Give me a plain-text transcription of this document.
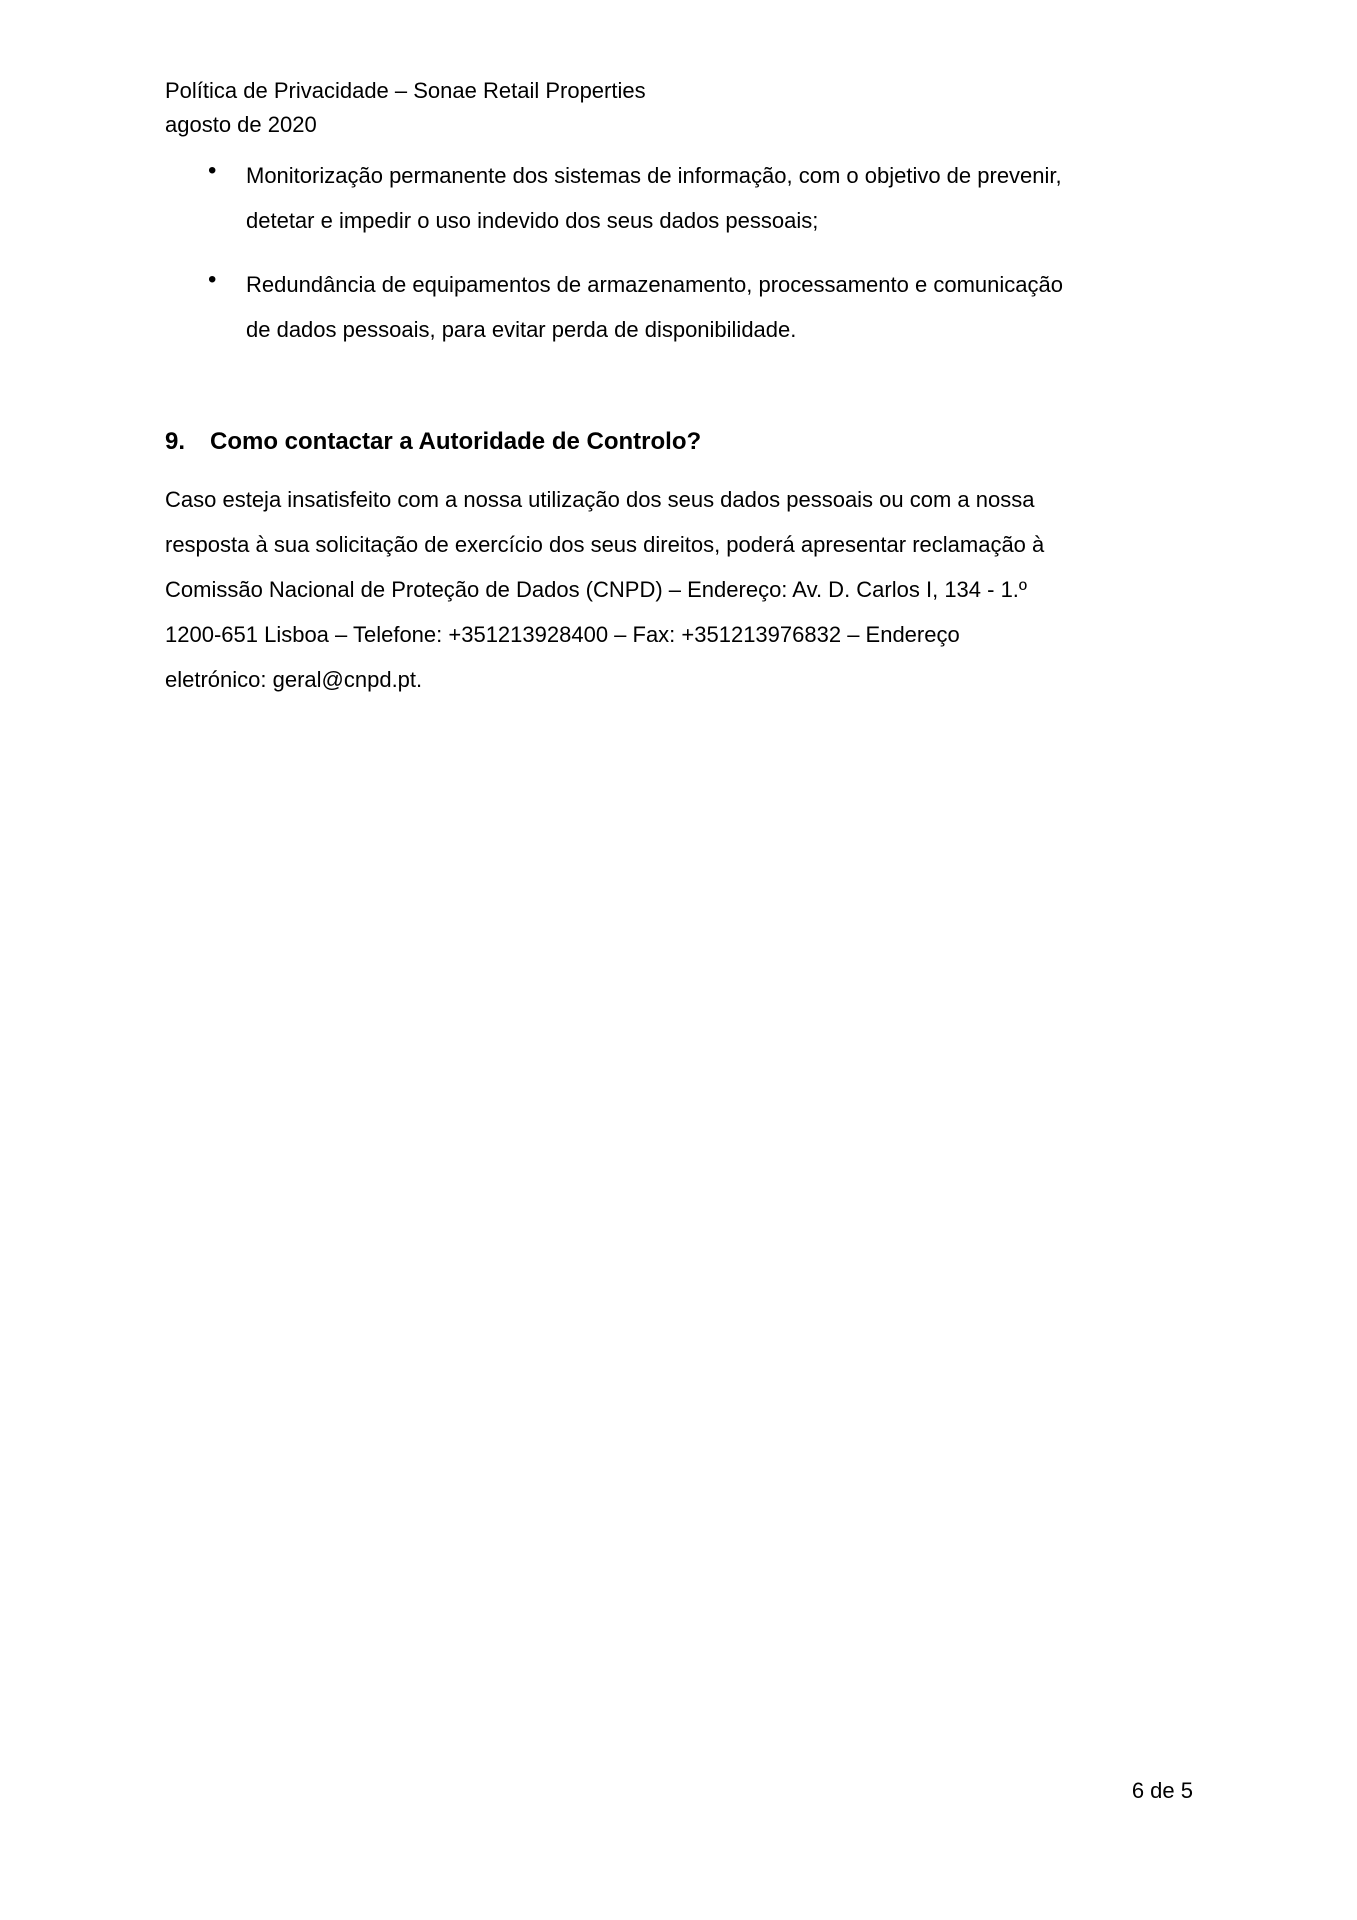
Política de Privacidade – Sonae Retail Properties
agosto de 2020
•	Monitorização permanente dos sistemas de informação, com o objetivo de prevenir,
detetar e impedir o uso indevido dos seus dados pessoais;
•	Redundância de equipamentos de armazenamento, processamento e comunicação
de dados pessoais, para evitar perda de disponibilidade.
9.	Como contactar a Autoridade de Controlo?
Caso esteja insatisfeito com a nossa utilização dos seus dados pessoais ou com a nossa
resposta à sua solicitação de exercício dos seus direitos, poderá apresentar reclamação à
Comissão Nacional de Proteção de Dados (CNPD) – Endereço: Av. D. Carlos I, 134 - 1.º
1200-651 Lisboa – Telefone: +351213928400 – Fax: +351213976832 – Endereço
eletrónico: geral@cnpd.pt.
6 de 5
